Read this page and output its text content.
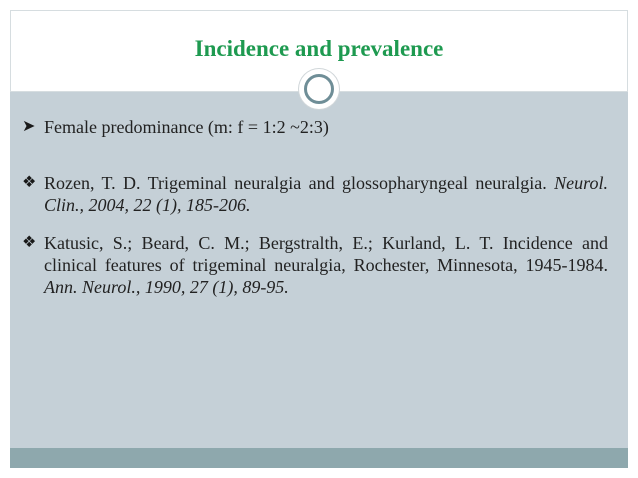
Incidence and prevalence
➤ Female predominance (m: f = 1:2 ~2:3)
❖ Rozen, T. D. Trigeminal neuralgia and glossopharyngeal neuralgia. Neurol. Clin., 2004, 22 (1), 185-206.
❖ Katusic, S.; Beard, C. M.; Bergstralth, E.; Kurland, L. T. Incidence and clinical features of trigeminal neuralgia, Rochester, Minnesota, 1945-1984. Ann. Neurol., 1990, 27 (1), 89-95.
